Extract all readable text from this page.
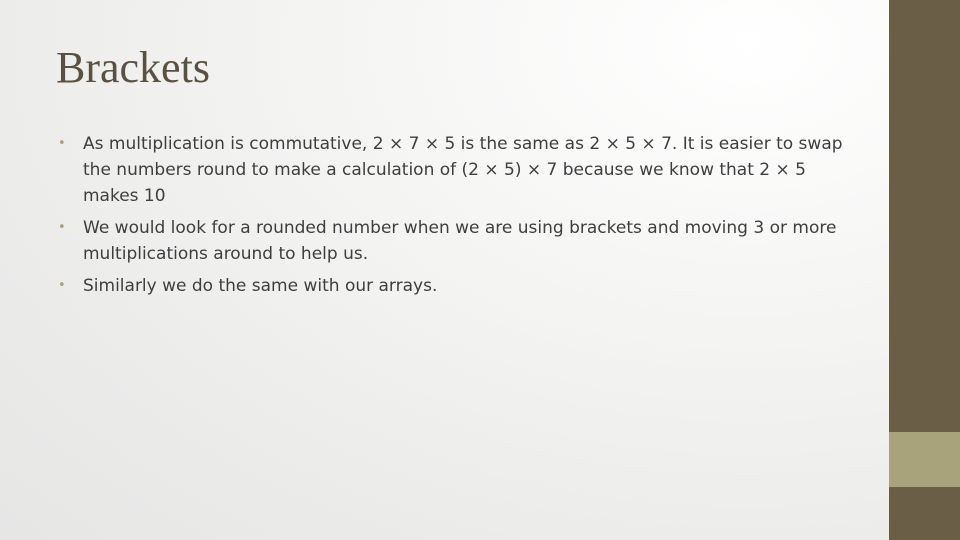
Brackets
• As multiplication is commutative, 2 × 7 × 5 is the same as 2 × 5 × 7. It is easier to swap the numbers round to make a calculation of (2 × 5) × 7 because we know that 2 × 5 makes 10
• We would look for a rounded number when we are using brackets and moving 3 or more multiplications around to help us.
• Similarly we do the same with our arrays.
